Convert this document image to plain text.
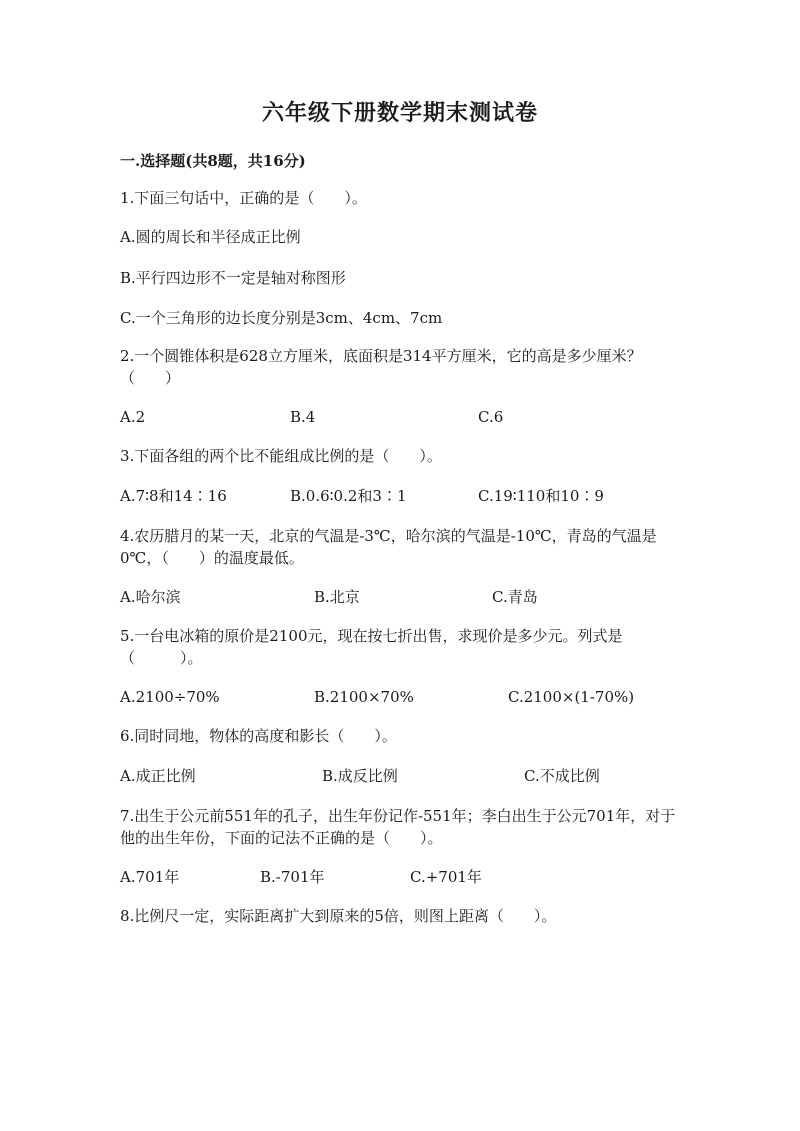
六年级下册数学期末测试卷
一.选择题(共8题，共16分)
1.下面三句话中，正确的是（　　）。
A.圆的周长和半径成正比例
B.平行四边形不一定是轴对称图形
C.一个三角形的边长度分别是3cm、4cm、7cm
2.一个圆锥体积是628立方厘米，底面积是314平方厘米，它的高是多少厘米？（　　）
A.2	B.4	C.6
3.下面各组的两个比不能组成比例的是（　　）。
A.7∶8和14∶16	B.0.6∶0.2和3∶1	C.19∶110和10∶9
4.农历腊月的某一天，北京的气温是-3℃，哈尔滨的气温是-10℃，青岛的气温是0℃，（　　）的温度最低。
A.哈尔滨	B.北京	C.青岛
5.一台电冰箱的原价是2100元，现在按七折出售，求现价是多少元。列式是（　　　）。
A.2100÷70%	B.2100×70%	C.2100×(1-70%)
6.同时同地，物体的高度和影长（　　）。
A.成正比例	B.成反比例	C.不成比例
7.出生于公元前551年的孔子，出生年份记作-551年；李白出生于公元701年，对于他的出生年份，下面的记法不正确的是（　　）。
A.701年	B.-701年	C.+701年
8.比例尺一定，实际距离扩大到原来的5倍，则图上距离（　　）。
